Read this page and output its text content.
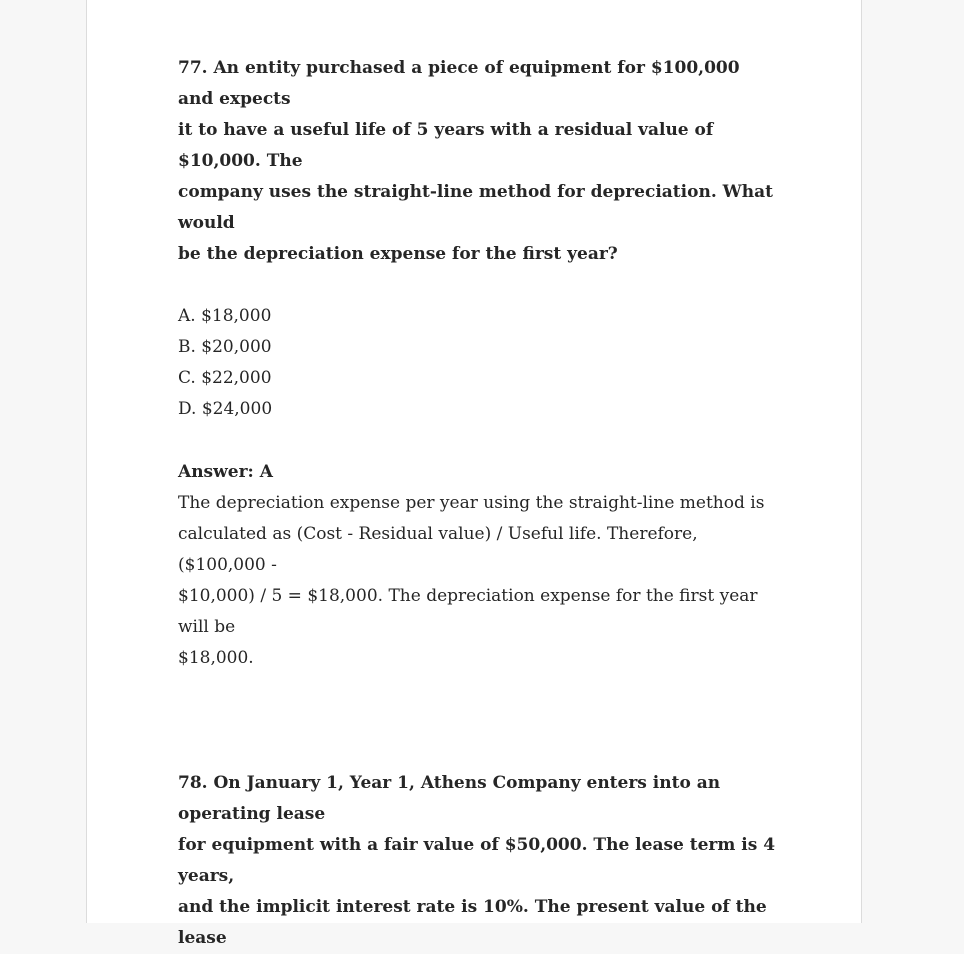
77. An entity purchased a piece of equipment for $100,000 and expects
it to have a useful life of 5 years with a residual value of $10,000. The
company uses the straight-line method for depreciation. What would
be the depreciation expense for the first year?

A. $18,000
B. $20,000
C. $22,000
D. $24,000
Answer: A
The depreciation expense per year using the straight-line method is
calculated as (Cost - Residual value) / Useful life. Therefore, ($100,000 -
$10,000) / 5 = $18,000. The depreciation expense for the first year will be
$18,000.

78. On January 1, Year 1, Athens Company enters into an operating lease
for equipment with a fair value of $50,000. The lease term is 4 years,
and the implicit interest rate is 10%. The present value of the lease
